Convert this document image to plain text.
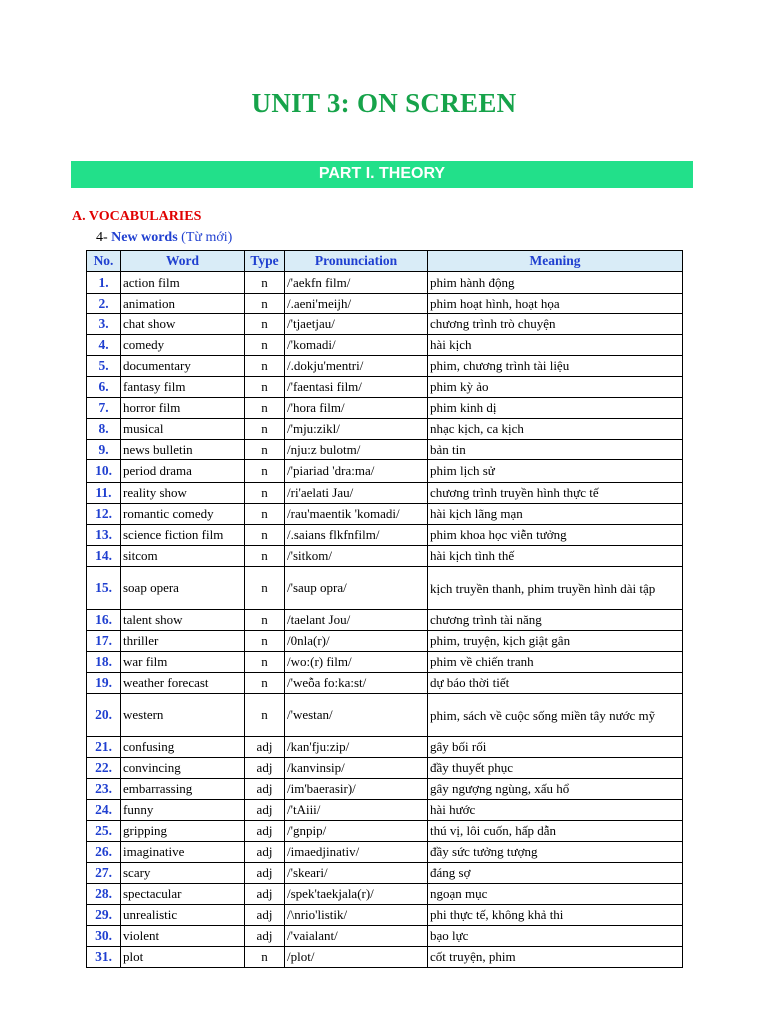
UNIT 3: ON SCREEN
PART I. THEORY
A. VOCABULARIES
4- New words (Từ mới)
No.	Word	Type	Pronunciation	Meaning
1.	action film	n	/'aekfn film/	phim hành động
2.	animation	n	/.aeni'meijh/	phim hoạt hình, hoạt họa
3.	chat show	n	/'tjaetjau/	chương trình trò chuyện
4.	comedy	n	/'komadi/	hài kịch
5.	documentary	n	/.dokju'mentri/	phim, chương trình tài liệu
6.	fantasy film	n	/'faentasi film/	phim kỳ ảo
7.	horror film	n	/'hora film/	phim kinh dị
8.	musical	n	/'mju:zikl/	nhạc kịch, ca kịch
9.	news bulletin	n	/nju:z bulotm/	bản tin
10.	period drama	n	/'piariad 'dra:ma/	phim lịch sử
11.	reality show	n	/ri'aelati Jau/	chương trình truyền hình thực tế
12.	romantic comedy	n	/rau'maentik 'komadi/	hài kịch lãng mạn
13.	science fiction film	n	/.saians flkfnfilm/	phim khoa học viễn tưởng
14.	sitcom	n	/'sitkom/	hài kịch tình thế
15.	soap opera	n	/'saup opra/	kịch truyền thanh, phim truyền hình dài tập
16.	talent show	n	/taelant Jou/	chương trình tài năng
17.	thriller	n	/0nla(r)/	phim, truyện, kịch giật gân
18.	war film	n	/wo:(r) film/	phim về chiến tranh
19.	weather forecast	n	/'weỗa fo:ka:st/	dự báo thời tiết
20.	western	n	/'westan/	phim, sách về cuộc sống miền tây nước mỹ
21.	confusing	adj	/kan'fju:zip/	gây bối rối
22.	convincing	adj	/kanvinsip/	đầy thuyết phục
23.	embarrassing	adj	/im'baerasir)/	gây ngượng ngùng, xấu hổ
24.	funny	adj	/'tAiii/	hài hước
25.	gripping	adj	/'gnpip/	thú vị, lôi cuốn, hấp dẫn
26.	imaginative	adj	/imaedjinativ/	đầy sức tưởng tượng
27.	scary	adj	/'skeari/	đáng sợ
28.	spectacular	adj	/spek'taekjala(r)/	ngoạn mục
29.	unrealistic	adj	/\nrio'listik/	phi thực tế, không khả thi
30.	violent	adj	/'vaialant/	bạo lực
31.	plot	n	/plot/	cốt truyện, phim
